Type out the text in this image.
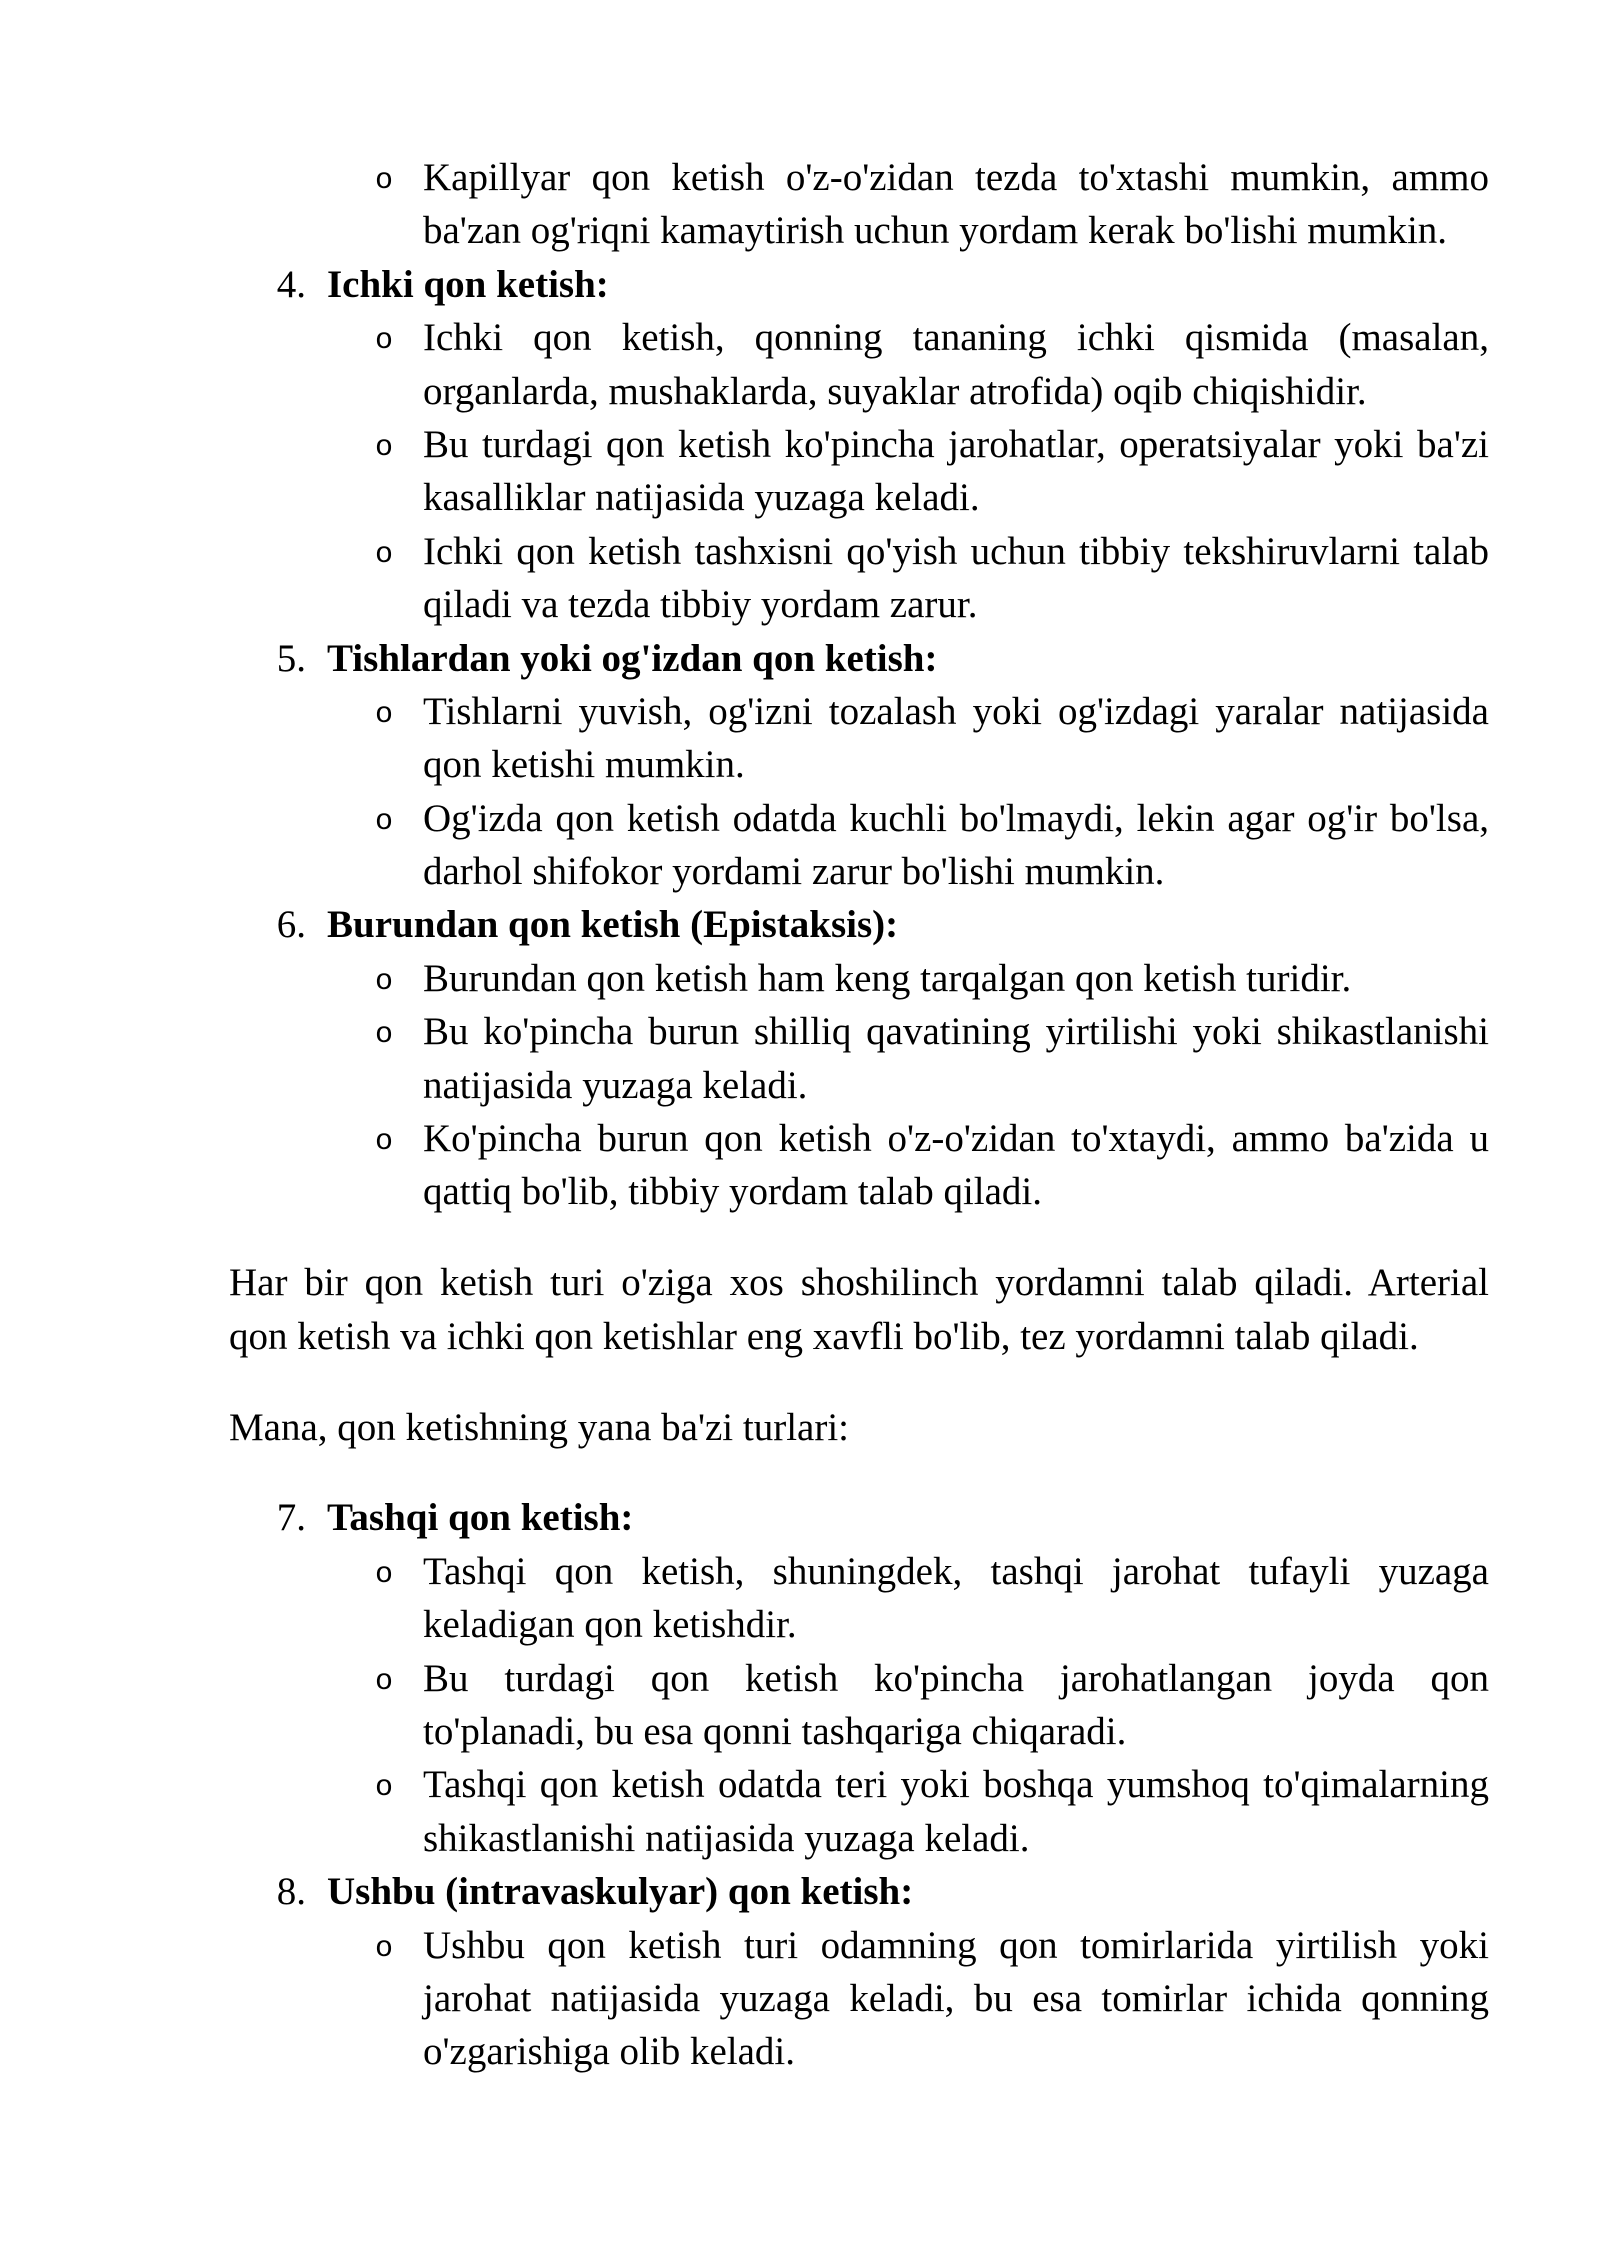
o Kapillyar qon ketish o'z-o'zidan tezda to'xtashi mumkin, ammo
ba'zan og'riqni kamaytirish uchun yordam kerak bo'lishi mumkin.
4. Ichki qon ketish:
o Ichki qon ketish, qonning tananing ichki qismida (masalan,
organlarda, mushaklarda, suyaklar atrofida) oqib chiqishidir.
o Bu turdagi qon ketish ko'pincha jarohatlar, operatsiyalar yoki ba'zi
kasalliklar natijasida yuzaga keladi.
o Ichki qon ketish tashxisni qo'yish uchun tibbiy tekshiruvlarni talab
qiladi va tezda tibbiy yordam zarur.
5. Tishlardan yoki og'izdan qon ketish:
o Tishlarni yuvish, og'izni tozalash yoki og'izdagi yaralar natijasida
qon ketishi mumkin.
o Og'izda qon ketish odatda kuchli bo'lmaydi, lekin agar og'ir bo'lsa,
darhol shifokor yordami zarur bo'lishi mumkin.
6. Burundan qon ketish (Epistaksis):
o Burundan qon ketish ham keng tarqalgan qon ketish turidir.
o Bu ko'pincha burun shilliq qavatining yirtilishi yoki shikastlanishi
natijasida yuzaga keladi.
o Ko'pincha burun qon ketish o'z-o'zidan to'xtaydi, ammo ba'zida u
qattiq bo'lib, tibbiy yordam talab qiladi.
Har bir qon ketish turi o'ziga xos shoshilinch yordamni talab qiladi. Arterial
qon ketish va ichki qon ketishlar eng xavfli bo'lib, tez yordamni talab qiladi.
Mana, qon ketishning yana ba'zi turlari:
7. Tashqi qon ketish:
o Tashqi qon ketish, shuningdek, tashqi jarohat tufayli yuzaga
keladigan qon ketishdir.
o Bu turdagi qon ketish ko'pincha jarohatlangan joyda qon
to'planadi, bu esa qonni tashqariga chiqaradi.
o Tashqi qon ketish odatda teri yoki boshqa yumshoq to'qimalarning
shikastlanishi natijasida yuzaga keladi.
8. Ushbu (intravaskulyar) qon ketish:
o Ushbu qon ketish turi odamning qon tomirlarida yirtilish yoki
jarohat natijasida yuzaga keladi, bu esa tomirlar ichida qonning
o'zgarishiga olib keladi.
